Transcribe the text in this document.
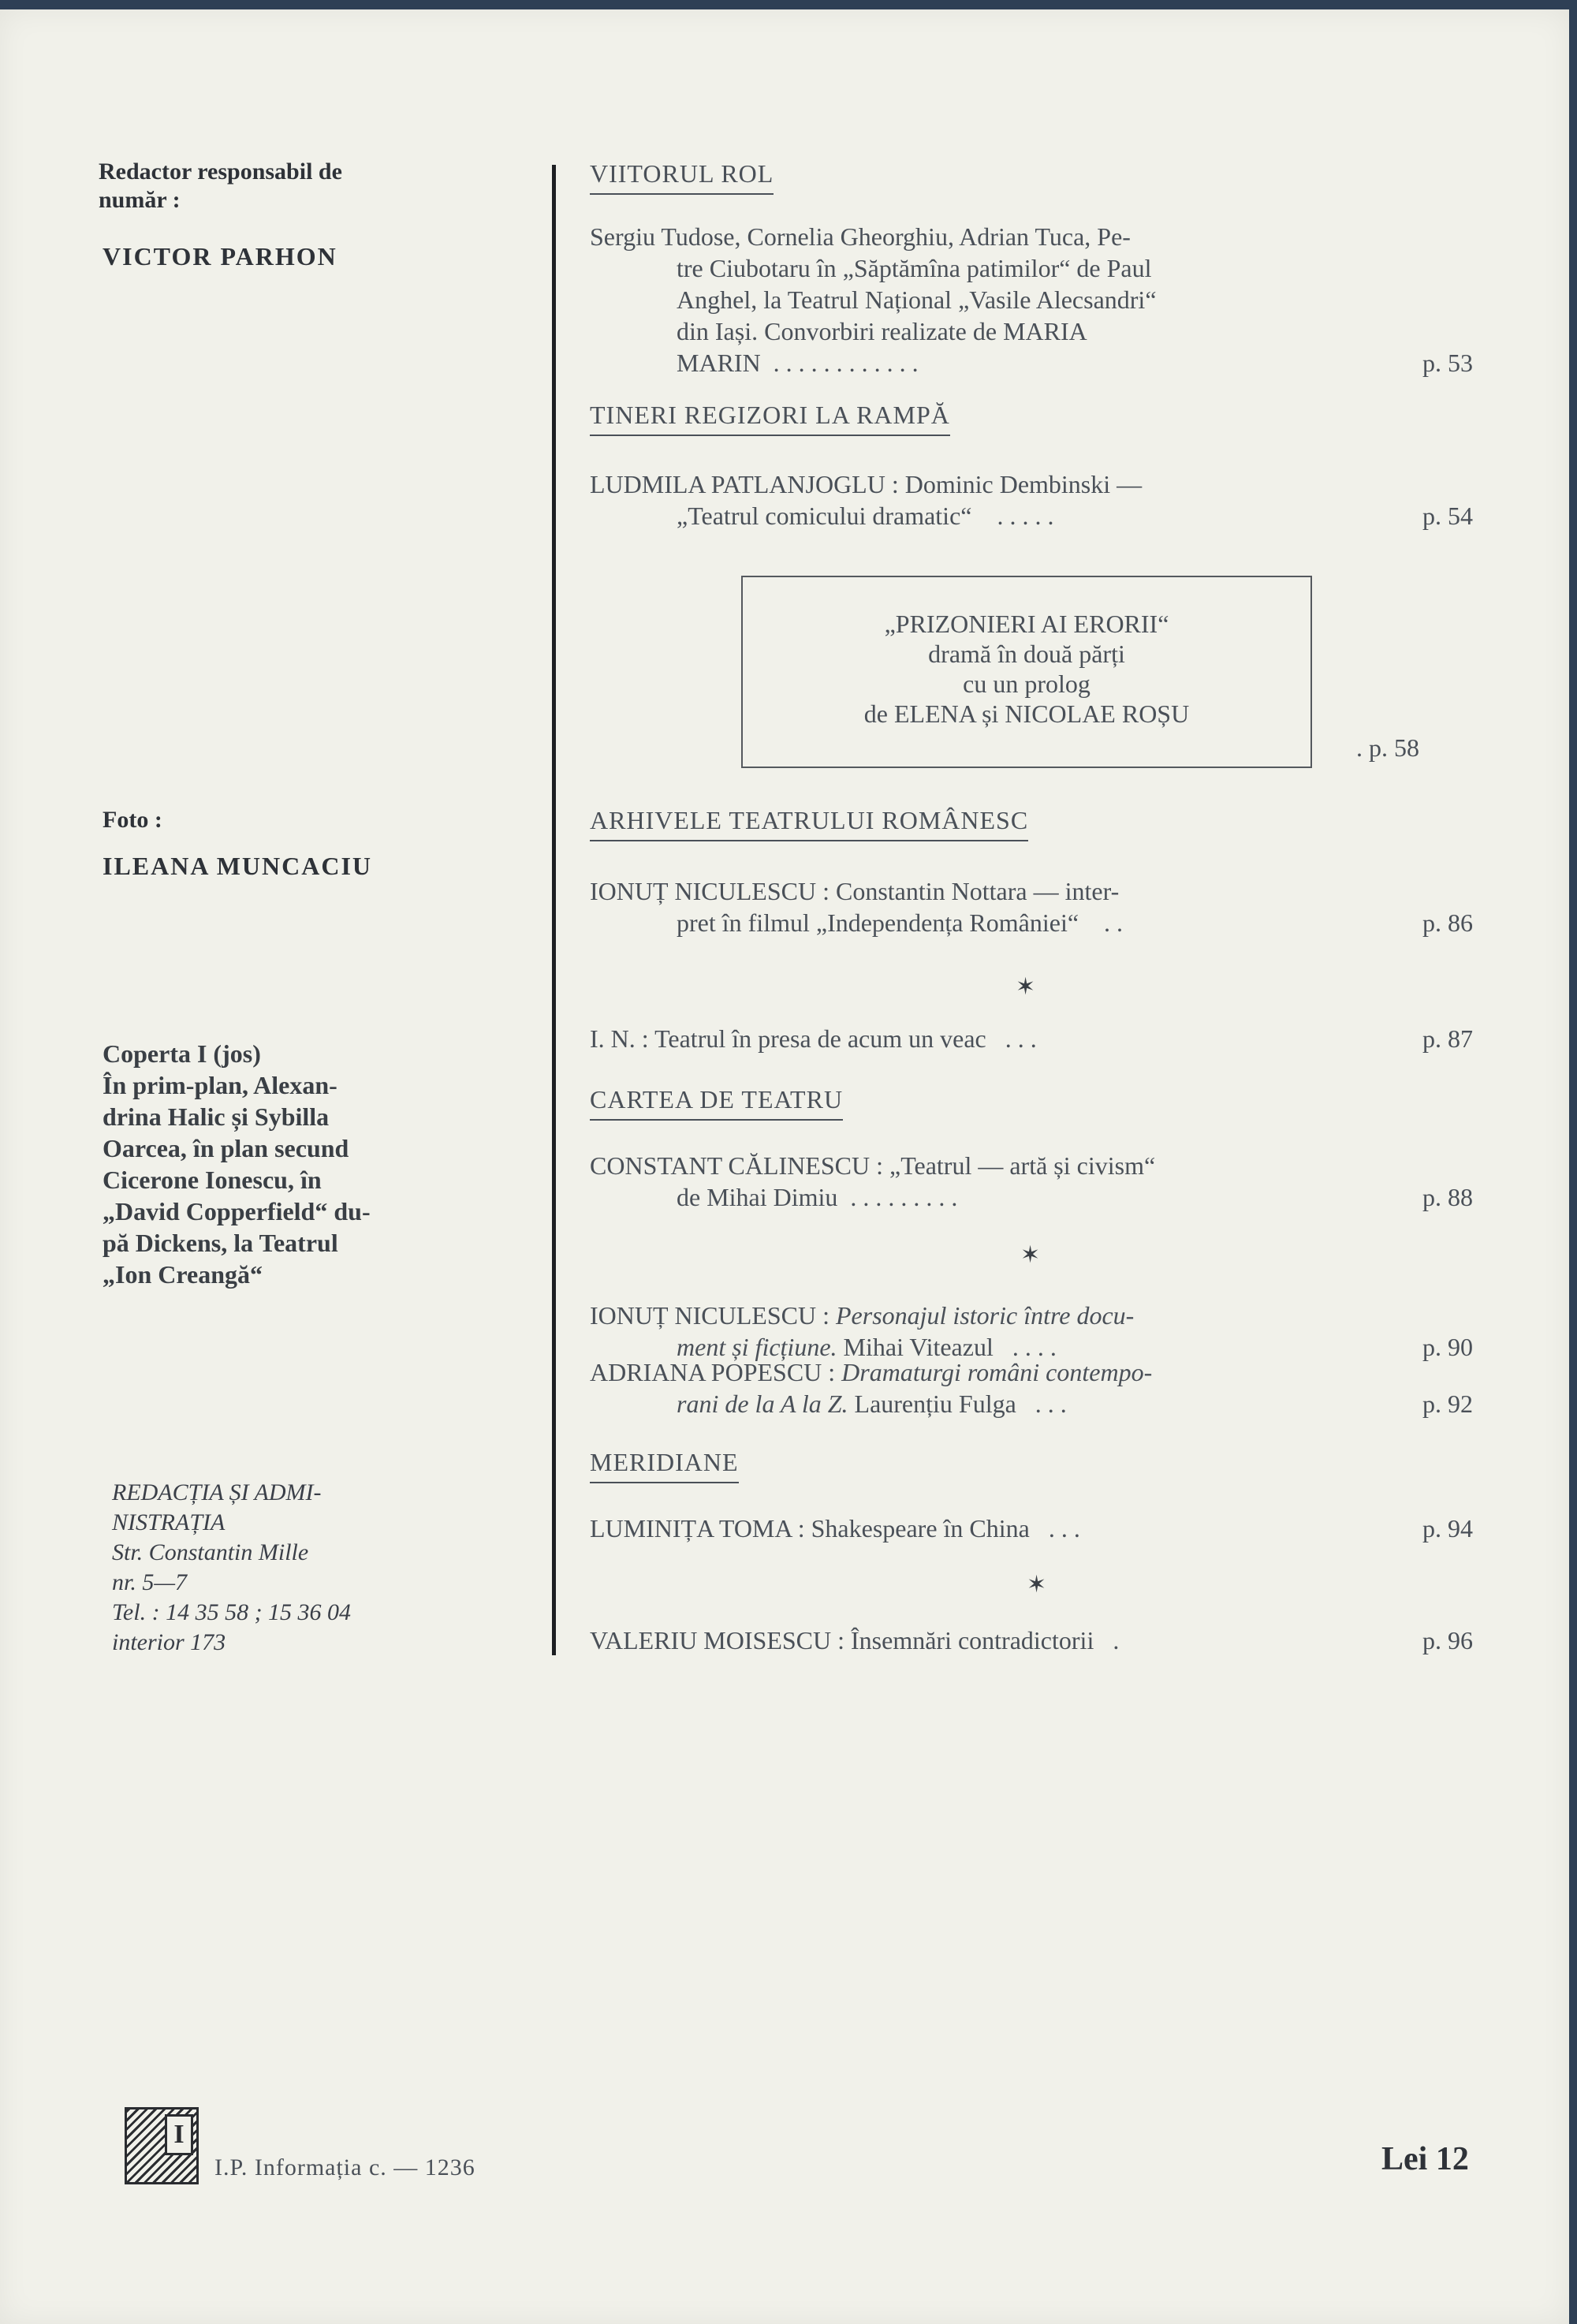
Redactor responsabil de
număr :
VICTOR PARHON
Foto :
ILEANA MUNCACIU

Coperta I (jos)

În prim-plan, Alexan-

drina Halic și Sybilla

Oarcea, în plan secund

Cicerone Ionescu, în

„David Copperfield“ du-

pă Dickens, la Teatrul

„Ion Creangă“

REDACȚIA ȘI ADMI-
NISTRAȚIA
Str. Constantin Mille
nr. 5—7
Tel. : 14 35 58 ; 15 36 04
interior 173
VIITORUL ROL
Sergiu Tudose, Cornelia Gheorghiu, Adrian Tuca, Pe-
tre Ciubotaru în „Săptămîna patimilor“ de Paul
Anghel, la Teatrul Național „Vasile Alecsandri“
din Iași. Convorbiri realizate de MARIA
MARIN . . . . . . . . . . . .	p. 53
TINERI REGIZORI LA RAMPĂ
LUDMILA PATLANJOGLU : Dominic Dembinski —
„Teatrul comicului dramatic“ . . . . .	p. 54
„PRIZONIERI AI ERORII“
dramă în două părți
cu un prolog
de ELENA și NICOLAE ROȘU
. p. 58
ARHIVELE TEATRULUI ROMÂNESC
IONUȚ NICULESCU : Constantin Nottara — inter-
pret în filmul „Independența României“ . .	p. 86
✶
I. N. : Teatrul în presa de acum un veac . . .	p. 87
CARTEA DE TEATRU
CONSTANT CĂLINESCU : „Teatrul — artă și civism“
de Mihai Dimiu . . . . . . . . .	p. 88
✶
IONUȚ NICULESCU : Personajul istoric între docu-
ment și ficțiune. Mihai Viteazul . . . .	p. 90
ADRIANA POPESCU : Dramaturgi români contempo-
rani de la A la Z. Laurențiu Fulga . . .	p. 92
MERIDIANE
LUMINIȚA TOMA : Shakespeare în China . . .	p. 94
✶
VALERIU MOISESCU : Însemnări contradictorii .	p. 96
I
I.P. Informația c. — 1236	Lei 12
